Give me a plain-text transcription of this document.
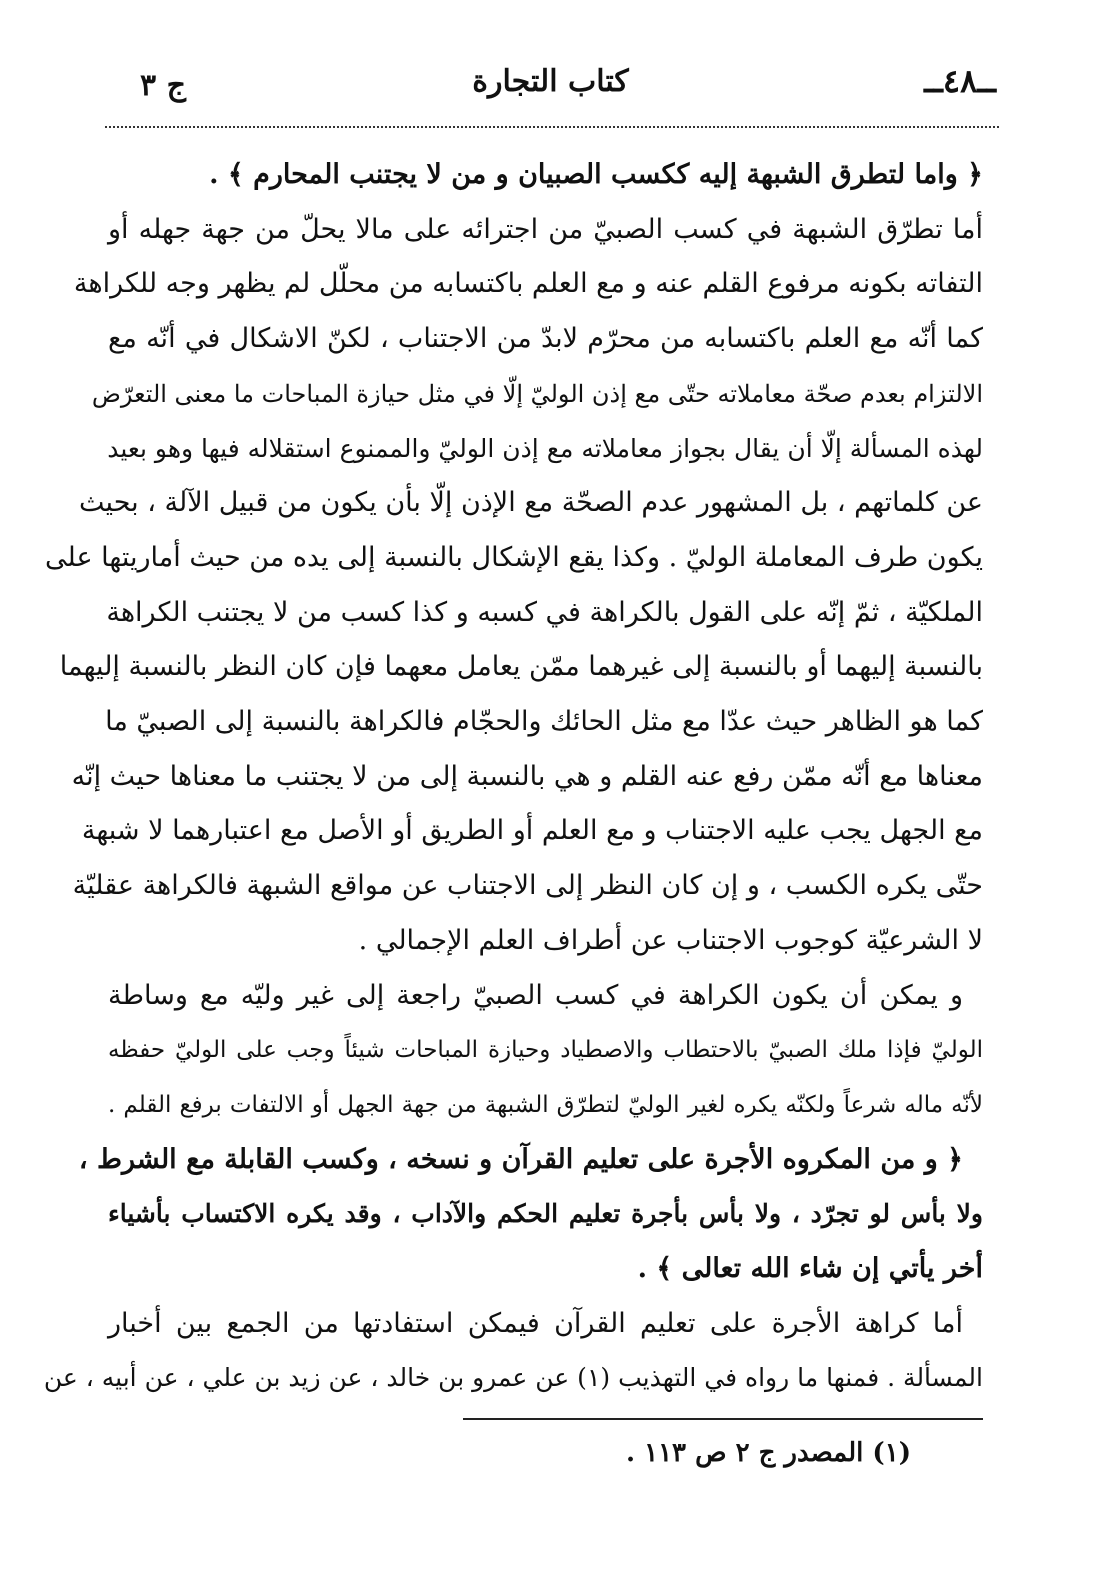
ــ٤٨ــ
كتاب التجارة
ج ٣
﴿ واما لتطرق الشبهة إليه ككسب الصبيان و من لا يجتنب المحارم ﴾ .
أما تطرّق الشبهة في كسب الصبيّ من اجترائه على مالا يحلّ من جهة جهله أو
التفاته بكونه مرفوع القلم عنه و مع العلم باكتسابه من محلّل لم يظهر وجه للكراهة
كما أنّه مع العلم باكتسابه من محرّم لابدّ من الاجتناب ، لكنّ الاشكال في أنّه مع
الالتزام بعدم صحّة معاملاته حتّى مع إذن الوليّ إلّا في مثل حيازة المباحات ما معنى التعرّض
لهذه المسألة إلّا أن يقال بجواز معاملاته مع إذن الوليّ والممنوع استقلاله فيها وهو بعيد
عن كلماتهم ، بل المشهور عدم الصحّة مع الإذن إلّا بأن يكون من قبيل الآلة ، بحيث
يكون طرف المعاملة الوليّ . وكذا يقع الإشكال بالنسبة إلى يده من حيث أماريتها على
الملكيّة ، ثمّ إنّه على القول بالكراهة في كسبه و كذا كسب من لا يجتنب الكراهة
بالنسبة إليهما أو بالنسبة إلى غيرهما ممّن يعامل معهما فإن كان النظر بالنسبة إليهما
كما هو الظاهر حيث عدّا مع مثل الحائك والحجّام فالكراهة بالنسبة إلى الصبيّ ما
معناها مع أنّه ممّن رفع عنه القلم و هي بالنسبة إلى من لا يجتنب ما معناها حيث إنّه
مع الجهل يجب عليه الاجتناب و مع العلم أو الطريق أو الأصل مع اعتبارهما لا شبهة
حتّى يكره الكسب ، و إن كان النظر إلى الاجتناب عن مواقع الشبهة فالكراهة عقليّة
لا الشرعيّة كوجوب الاجتناب عن أطراف العلم الإجمالي .
و يمكن أن يكون الكراهة في كسب الصبيّ راجعة إلى غير وليّه مع وساطة
الوليّ فإذا ملك الصبيّ بالاحتطاب والاصطياد وحيازة المباحات شيئاً وجب على الوليّ حفظه
لأنّه ماله شرعاً ولكنّه يكره لغير الوليّ لتطرّق الشبهة من جهة الجهل أو الالتفات برفع القلم .
﴿ و من المكروه الأجرة على تعليم القرآن و نسخه ، وكسب القابلة مع الشرط ،
ولا بأس لو تجرّد ، ولا بأس بأجرة تعليم الحكم والآداب ، وقد يكره الاكتساب بأشياء
أخر يأتي إن شاء الله تعالى ﴾ .
أما كراهة الأجرة على تعليم القرآن فيمكن استفادتها من الجمع بين أخبار
المسألة . فمنها ما رواه في التهذيب (١) عن عمرو بن خالد ، عن زيد بن علي ، عن أبيه ، عن
(١) المصدر ج ٢ ص ١١٣ .
